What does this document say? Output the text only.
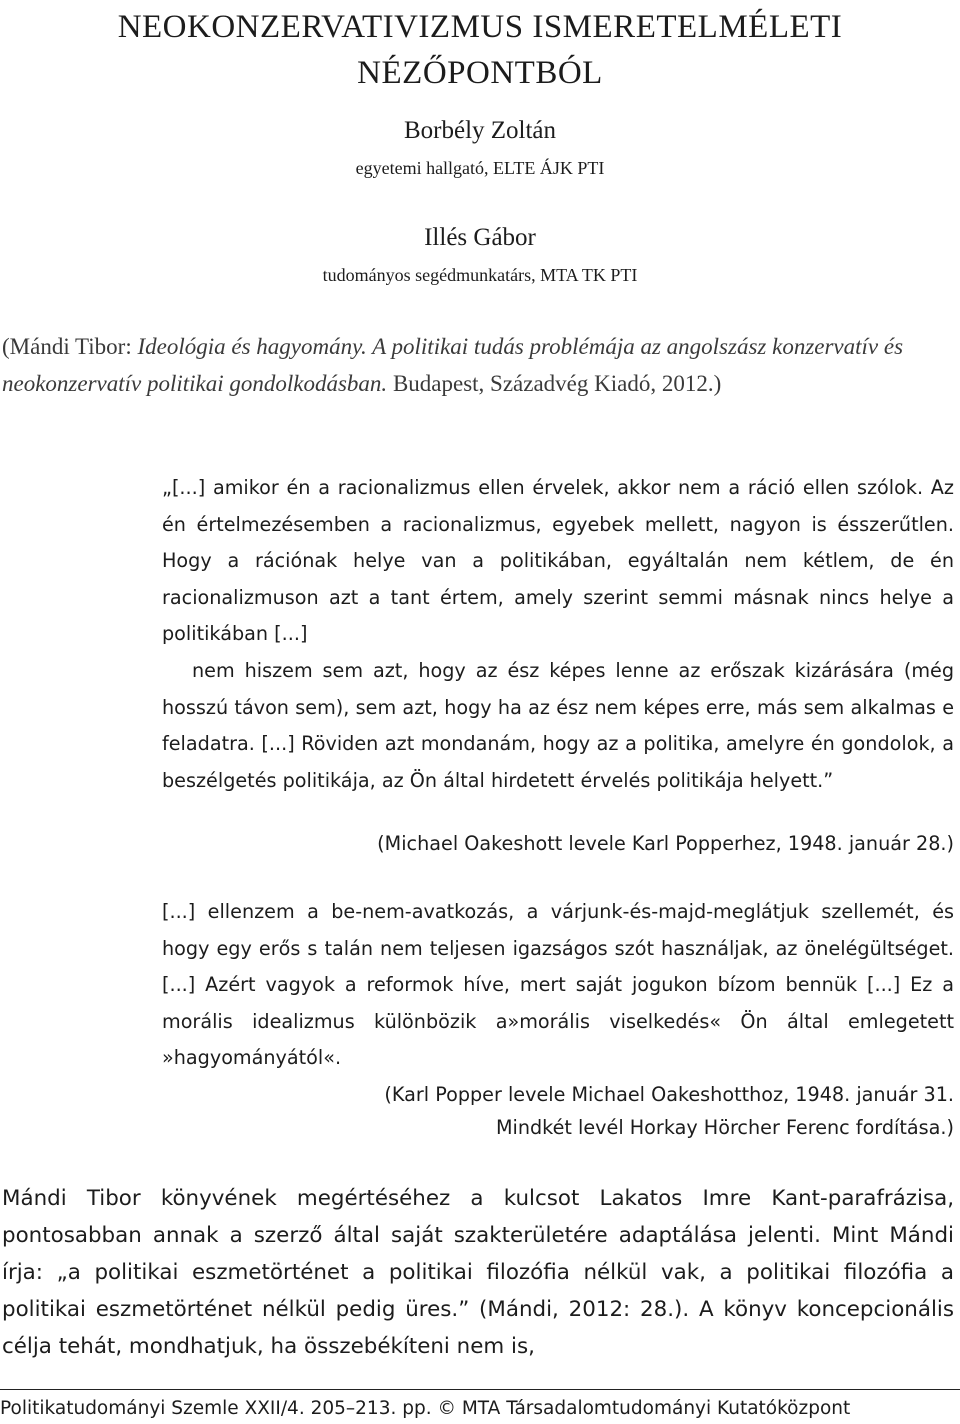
NEOKONZERVATIVIZMUS ISMERETELMÉLETI
NÉZŐPONTBÓL
Borbély Zoltán
egyetemi hallgató, ELTE ÁJK PTI
Illés Gábor
tudományos segédmunkatárs, MTA TK PTI

(Mándi Tibor: Ideológia és hagyomány. A politikai tudás problémája az angolszász konzervatív és neokonzervatív politikai gondolkodásban. Budapest, Századvég Kiadó, 2012.)

„[...] amikor én a racionalizmus ellen érvelek, akkor nem a ráció ellen szólok. Az én értelmezésemben a racionalizmus, egyebek mellett, nagyon is ésszerűtlen. Hogy a rációnak helye van a politikában, egyáltalán nem kétlem, de én racionalizmuson azt a tant értem, amely szerint semmi másnak nincs helye a politikában [...]
nem hiszem sem azt, hogy az ész képes lenne az erőszak kizárására (még hosszú távon sem), sem azt, hogy ha az ész nem képes erre, más sem alkalmas e feladatra. [...] Röviden azt mondanám, hogy az a politika, amelyre én gondolok, a beszélgetés politikája, az Ön által hirdetett érvelés politikája helyett.”

(Michael Oakeshott levele Karl Popperhez, 1948. január 28.)

[...] ellenzem a be-nem-avatkozás, a várjunk-és-majd-meglátjuk szellemét, és hogy egy erős s talán nem teljesen igazságos szót használjak, az önelégültséget. [...] Azért vagyok a reformok híve, mert saját jogukon bízom bennük [...] Ez a morális idealizmus különbözik a»morális viselkedés« Ön által emlegetett »hagyományától«.

(Karl Popper levele Michael Oakeshotthoz, 1948. január 31.

Mindkét levél Horkay Hörcher Ferenc fordítása.)

Mándi Tibor könyvének megértéséhez a kulcsot Lakatos Imre Kant-parafrázisa, pontosabban annak a szerző által saját szakterületére adaptálása jelenti. Mint Mándi írja: „a politikai eszmetörténet a politikai filozófia nélkül vak, a politikai filozófia a politikai eszmetörténet nélkül pedig üres.” (Mándi, 2012: 28.). A könyv koncepcionális célja tehát, mondhatjuk, ha összebékíteni nem is,

Politikatudományi Szemle XXII/4. 205–213. pp. © MTA Társadalomtudományi Kutatóközpont
